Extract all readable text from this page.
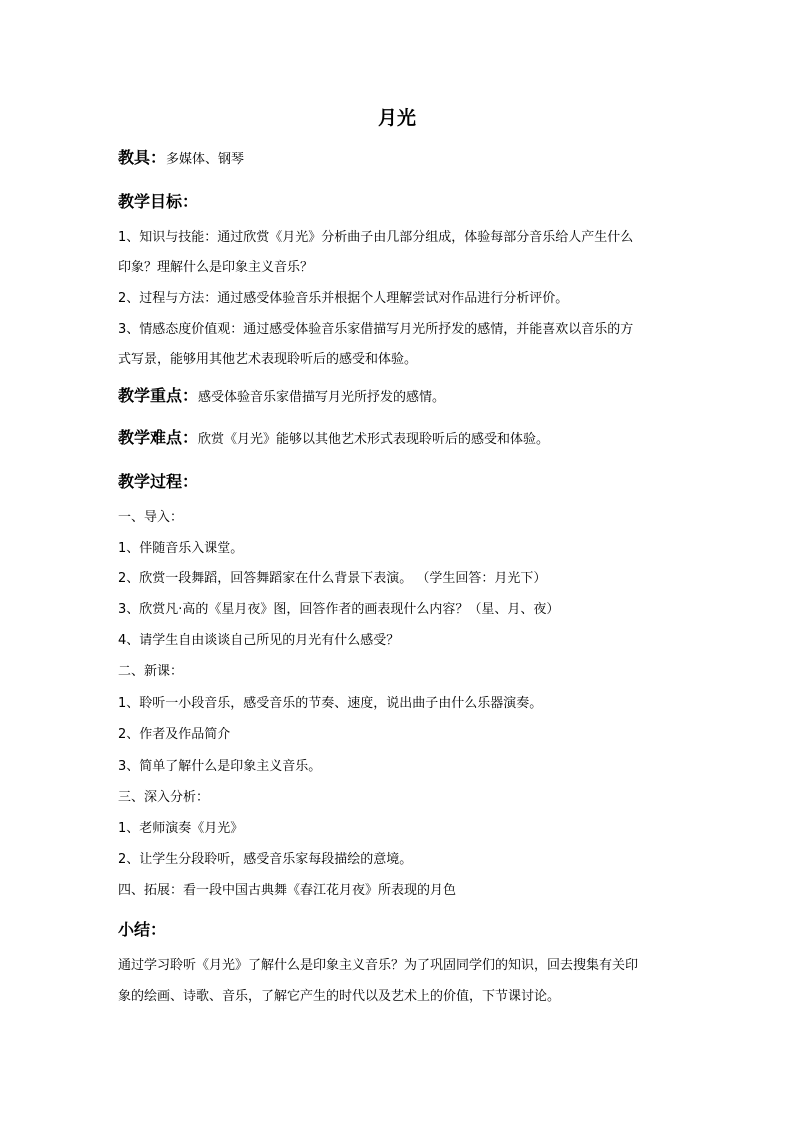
月光
教具：多媒体、钢琴
教学目标：
1、知识与技能：通过欣赏《月光》分析曲子由几部分组成，体验每部分音乐给人产生什么
印象？理解什么是印象主义音乐？
2、过程与方法：通过感受体验音乐并根据个人理解尝试对作品进行分析评价。
3、情感态度价值观：通过感受体验音乐家借描写月光所抒发的感情，并能喜欢以音乐的方
式写景，能够用其他艺术表现聆听后的感受和体验。
教学重点：感受体验音乐家借描写月光所抒发的感情。
教学难点：欣赏《月光》能够以其他艺术形式表现聆听后的感受和体验。
教学过程：
一、导入：
1、伴随音乐入课堂。
2、欣赏一段舞蹈，回答舞蹈家在什么背景下表演。 （学生回答：月光下）
3、欣赏凡·高的《星月夜》图，回答作者的画表现什么内容？（星、月、夜）
4、请学生自由谈谈自己所见的月光有什么感受？
二、新课：
1、聆听一小段音乐，感受音乐的节奏、速度，说出曲子由什么乐器演奏。
2、作者及作品简介
3、简单了解什么是印象主义音乐。
三、深入分析：
1、老师演奏《月光》
2、让学生分段聆听，感受音乐家每段描绘的意境。
四、拓展：看一段中国古典舞《春江花月夜》所表现的月色
小结：
通过学习聆听《月光》了解什么是印象主义音乐？为了巩固同学们的知识，回去搜集有关印
象的绘画、诗歌、音乐，了解它产生的时代以及艺术上的价值，下节课讨论。
